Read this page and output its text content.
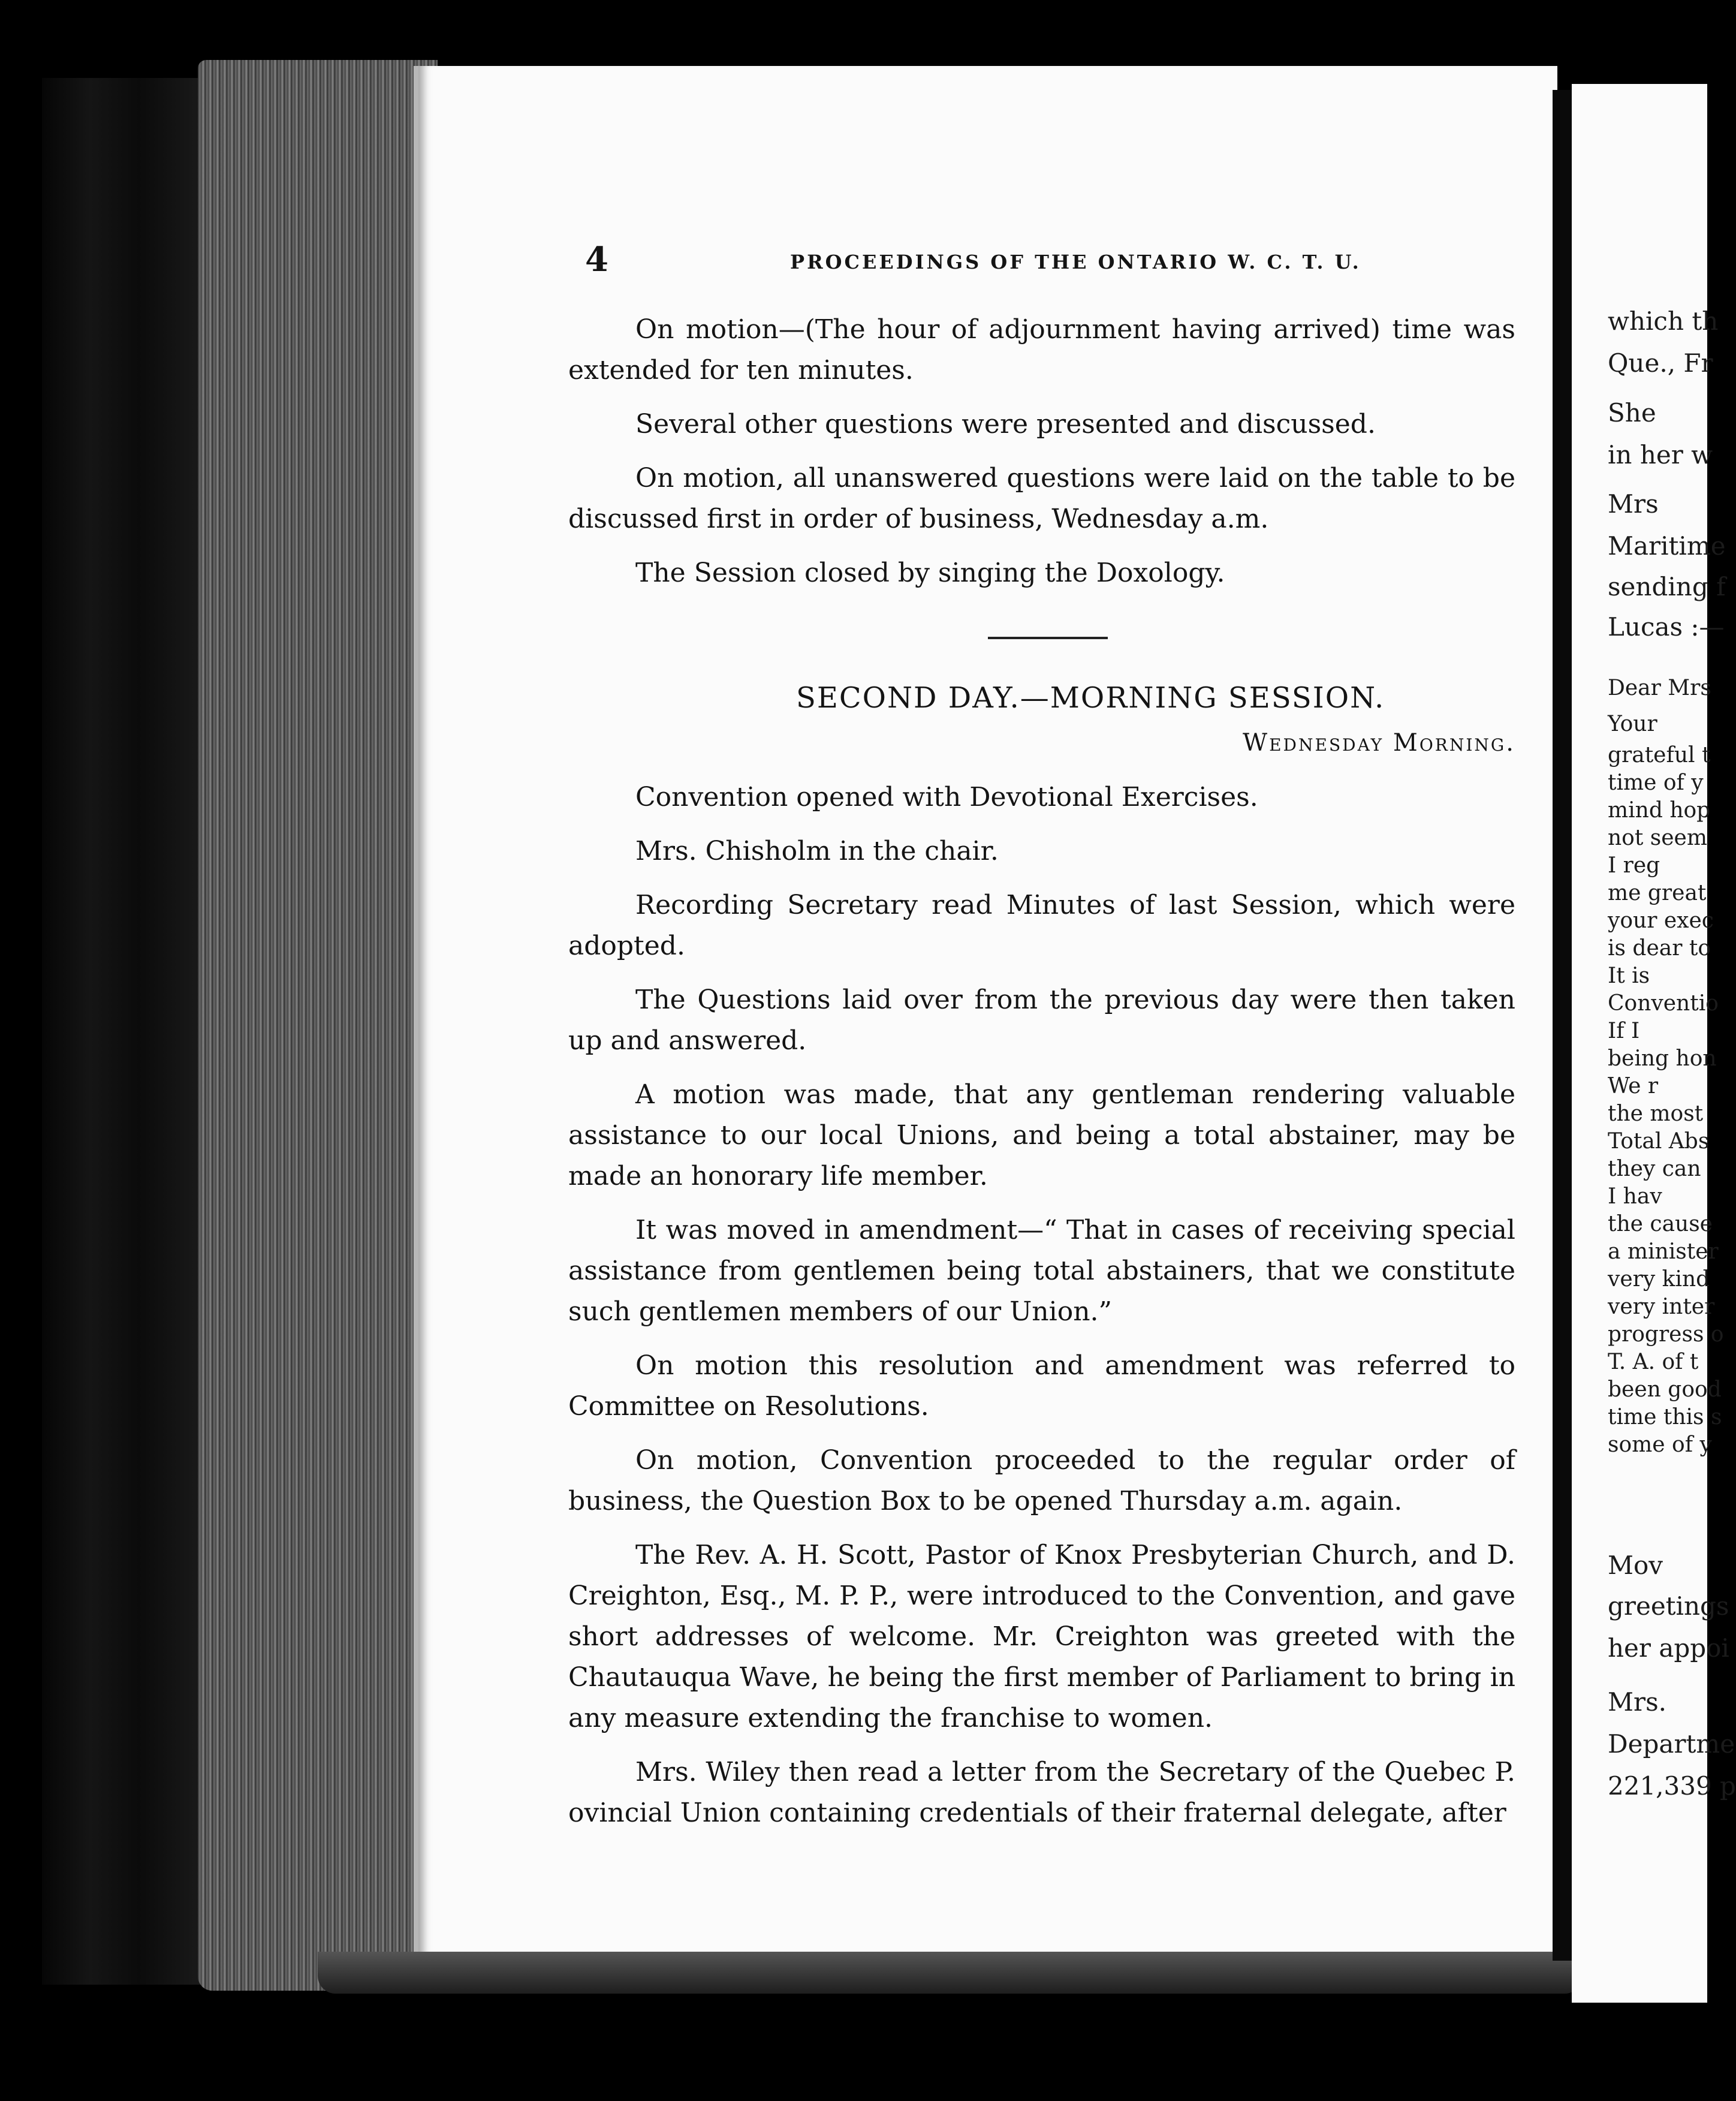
which th
Que., Fr
She
in her w
Mrs
Maritime
sending f
Lucas :—
Dear Mrs
Your
grateful t
time of y
mind hop
not seem
I reg
me great
your exec
is dear to
It is
Conventio
If I
being hon
We r
the most
Total Abs
they can
I hav
the cause
a minister
very kind
very inter
progress o
T. A. of t
been good
time this s
some of y
Mov
greetings
her appoi
Mrs.
Departme
221,339 p
4	PROCEEDINGS OF THE ONTARIO W. C. T. U.

On motion—(The hour of adjournment having arrived) time was extended for ten minutes.

Several other questions were presented and discussed.

On motion, all unanswered questions were laid on the table to be discussed first in order of business, Wednesday a.m.

The Session closed by singing the Doxology.

SECOND DAY.—MORNING SESSION.
Wednesday Morning.

Convention opened with Devotional Exercises.

Mrs. Chisholm in the chair.

Recording Secretary read Minutes of last Session, which were adopted.

The Questions laid over from the previous day were then taken up and answered.

A motion was made, that any gentleman rendering valuable assistance to our local Unions, and being a total abstainer, may be made an honorary life member.

It was moved in amendment—“ That in cases of receiving special assistance from gentlemen being total abstainers, that we constitute such gentlemen members of our Union.”

On motion this resolution and amendment was referred to Committee on Resolutions.

On motion, Convention proceeded to the regular order of business, the Question Box to be opened Thursday a.m. again.

The Rev. A. H. Scott, Pastor of Knox Presbyterian Church, and D. Creighton, Esq., M. P. P., were introduced to the Convention, and gave short addresses of welcome. Mr. Creighton was greeted with the Chautauqua Wave, he being the first member of Parliament to bring in any measure extending the franchise to women.

Mrs. Wiley then read a letter from the Secretary of the Quebec P. ovincial Union containing credentials of their fraternal delegate, after
